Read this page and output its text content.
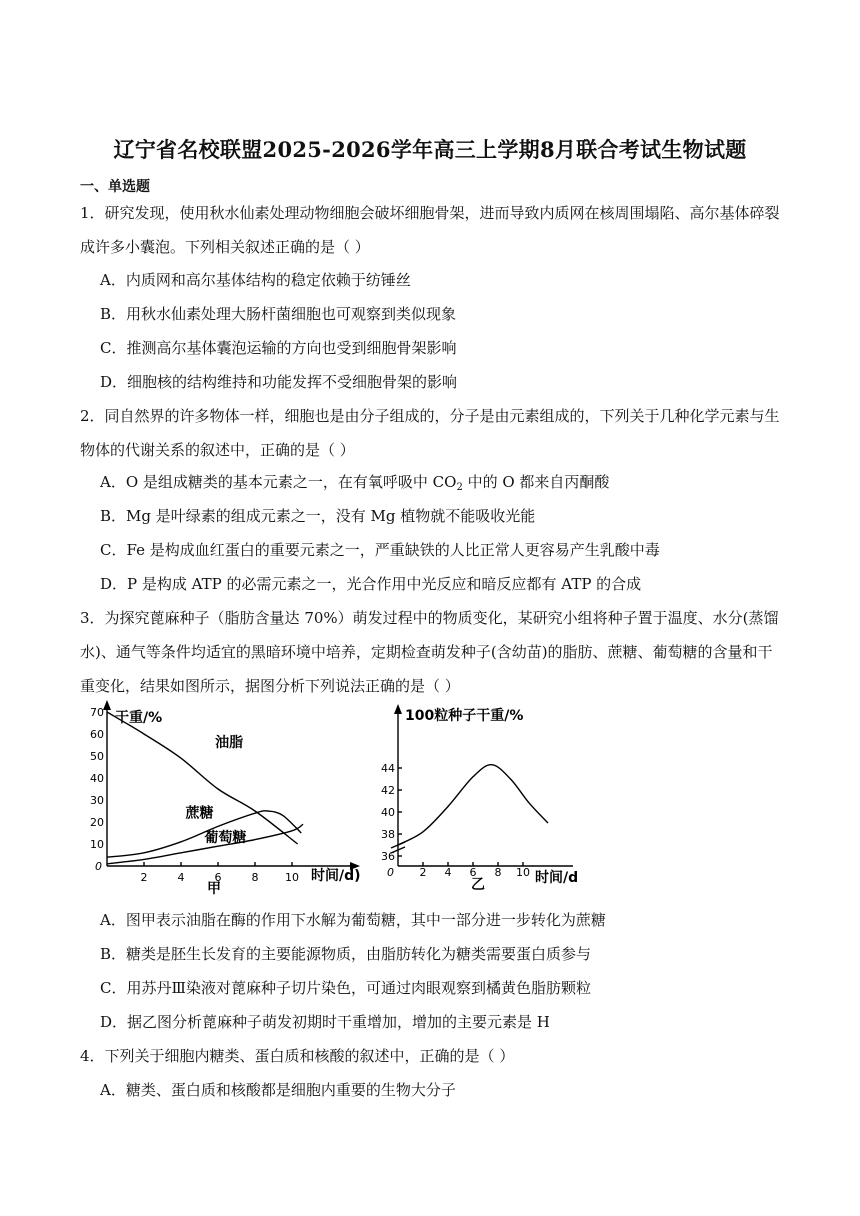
辽宁省名校联盟2025-2026学年高三上学期8月联合考试生物试题
一、单选题
1．研究发现，使用秋水仙素处理动物细胞会破坏细胞骨架，进而导致内质网在核周围塌陷、高尔基体碎裂
成许多小囊泡。下列相关叙述正确的是（ ）
A．内质网和高尔基体结构的稳定依赖于纺锤丝
B．用秋水仙素处理大肠杆菌细胞也可观察到类似现象
C．推测高尔基体囊泡运输的方向也受到细胞骨架影响
D．细胞核的结构维持和功能发挥不受细胞骨架的影响
2．同自然界的许多物体一样，细胞也是由分子组成的，分子是由元素组成的，下列关于几种化学元素与生
物体的代谢关系的叙述中，正确的是（ ）
A．O 是组成糖类的基本元素之一，在有氧呼吸中 $CO_2$ 中的 O 都来自丙酮酸
B．Mg 是叶绿素的组成元素之一，没有 Mg 植物就不能吸收光能
C．Fe 是构成血红蛋白的重要元素之一，严重缺铁的人比正常人更容易产生乳酸中毒
D．P 是构成 ATP 的必需元素之一，光合作用中光反应和暗反应都有 ATP 的合成
3．为探究蓖麻种子（脂肪含量达 70%）萌发过程中的物质变化，某研究小组将种子置于温度、水分(蒸馏
水)、通气等条件均适宜的黑暗环境中培养，定期检查萌发种子(含幼苗)的脂肪、蔗糖、葡萄糖的含量和干
重变化，结果如图所示，据图分析下列说法正确的是（ ）
干重/%
时间/d)
0
甲
10
20
30
40
50
60
70
2	4	6	8 10
油脂
蔗糖
葡萄糖
100粒种子干重/%
时间/d
0
乙
36
38
40
42
44
2 4 6 8 10
A．图甲表示油脂在酶的作用下水解为葡萄糖，其中一部分进一步转化为蔗糖
B．糖类是胚生长发育的主要能源物质，由脂肪转化为糖类需要蛋白质参与
C．用苏丹Ⅲ染液对蓖麻种子切片染色，可通过肉眼观察到橘黄色脂肪颗粒
D．据乙图分析蓖麻种子萌发初期时干重增加，增加的主要元素是 H
4．下列关于细胞内糖类、蛋白质和核酸的叙述中，正确的是（ ）
A．糖类、蛋白质和核酸都是细胞内重要的生物大分子
